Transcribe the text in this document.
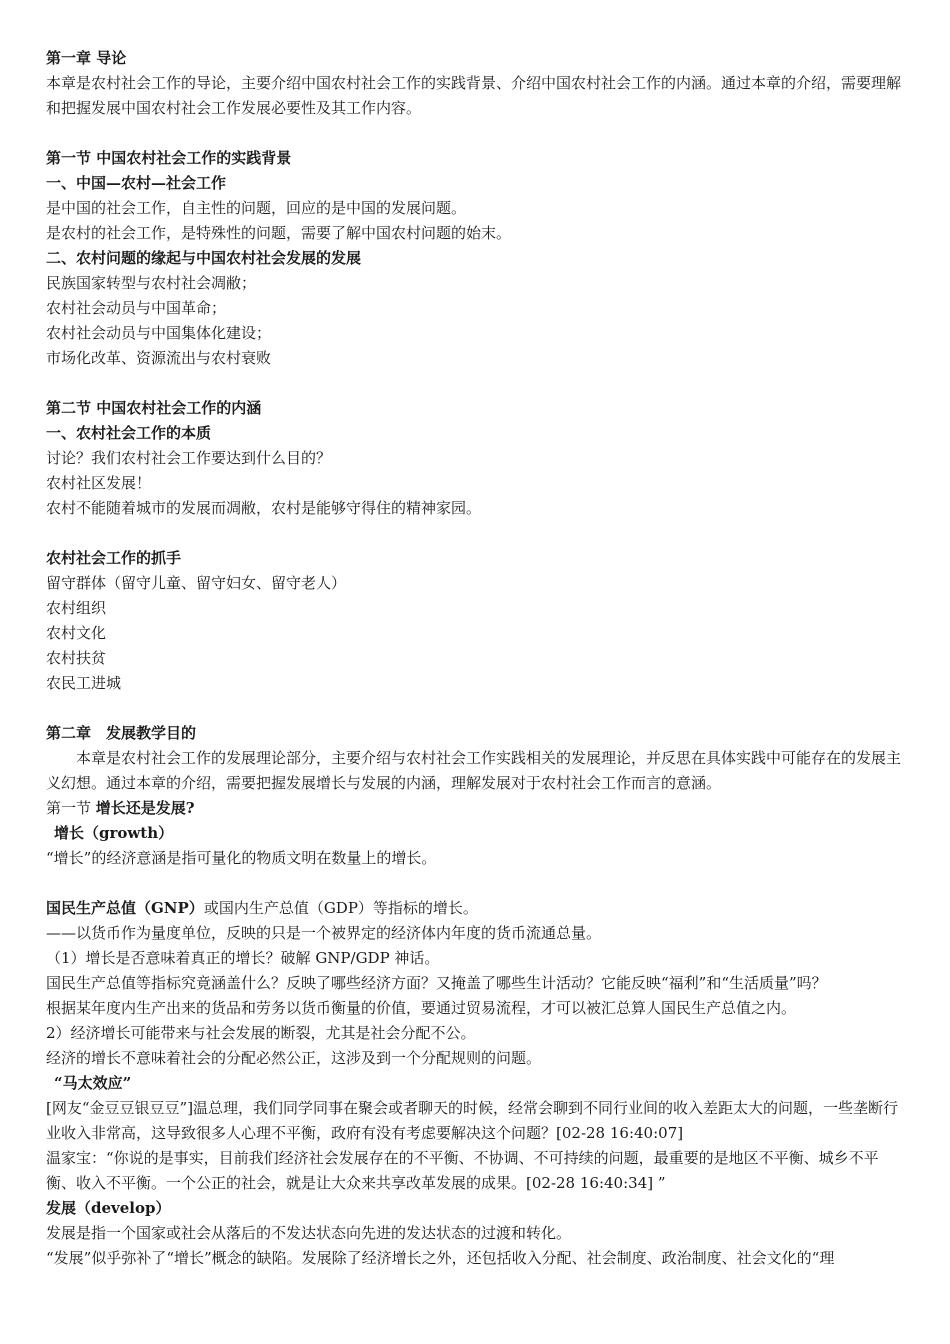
第一章 导论
本章是农村社会工作的导论，主要介绍中国农村社会工作的实践背景、介绍中国农村社会工作的内涵。通过本章的介绍，需要理解和把握发展中国农村社会工作发展必要性及其工作内容。
第一节 中国农村社会工作的实践背景
一、中国—农村—社会工作
是中国的社会工作，自主性的问题，回应的是中国的发展问题。
是农村的社会工作，是特殊性的问题，需要了解中国农村问题的始末。
二、农村问题的缘起与中国农村社会发展的发展
民族国家转型与农村社会凋敝；
农村社会动员与中国革命；
农村社会动员与中国集体化建设；
市场化改革、资源流出与农村衰败
第二节 中国农村社会工作的内涵
一、农村社会工作的本质
讨论？我们农村社会工作要达到什么目的？
农村社区发展！
农村不能随着城市的发展而凋敝，农村是能够守得住的精神家园。
农村社会工作的抓手
留守群体（留守儿童、留守妇女、留守老人）
农村组织
农村文化
农村扶贫
农民工进城
第二章　发展教学目的
本章是农村社会工作的发展理论部分，主要介绍与农村社会工作实践相关的发展理论，并反思在具体实践中可能存在的发展主义幻想。通过本章的介绍，需要把握发展增长与发展的内涵，理解发展对于农村社会工作而言的意涵。
第一节 增长还是发展?
增长（growth）
“增长”的经济意涵是指可量化的物质文明在数量上的增长。
国民生产总值（GNP）或国内生产总值（GDP）等指标的增长。
——以货币作为量度单位，反映的只是一个被界定的经济体内年度的货币流通总量。
（1）增长是否意味着真正的增长？破解 GNP/GDP 神话。
国民生产总值等指标究竟涵盖什么？反映了哪些经济方面？又掩盖了哪些生计活动？它能反映“福利”和“生活质量”吗？
根据某年度内生产出来的货品和劳务以货币衡量的价值，要通过贸易流程，才可以被汇总算人国民生产总值之内。
2）经济增长可能带来与社会发展的断裂，尤其是社会分配不公。
经济的增长不意味着社会的分配必然公正，这涉及到一个分配规则的问题。
“马太效应”
[网友“金豆豆银豆豆”]温总理，我们同学同事在聚会或者聊天的时候，经常会聊到不同行业间的收入差距太大的问题，一些垄断行业收入非常高，这导致很多人心理不平衡，政府有没有考虑要解决这个问题？[02-28 16:40:07]
温家宝：“你说的是事实，目前我们经济社会发展存在的不平衡、不协调、不可持续的问题，最重要的是地区不平衡、城乡不平衡、收入不平衡。一个公正的社会，就是让大众来共享改革发展的成果。[02-28 16:40:34] ”
发展（develop）
发展是指一个国家或社会从落后的不发达状态向先进的发达状态的过渡和转化。
“发展”似乎弥补了“增长”概念的缺陷。发展除了经济增长之外，还包括收入分配、社会制度、政治制度、社会文化的“理
